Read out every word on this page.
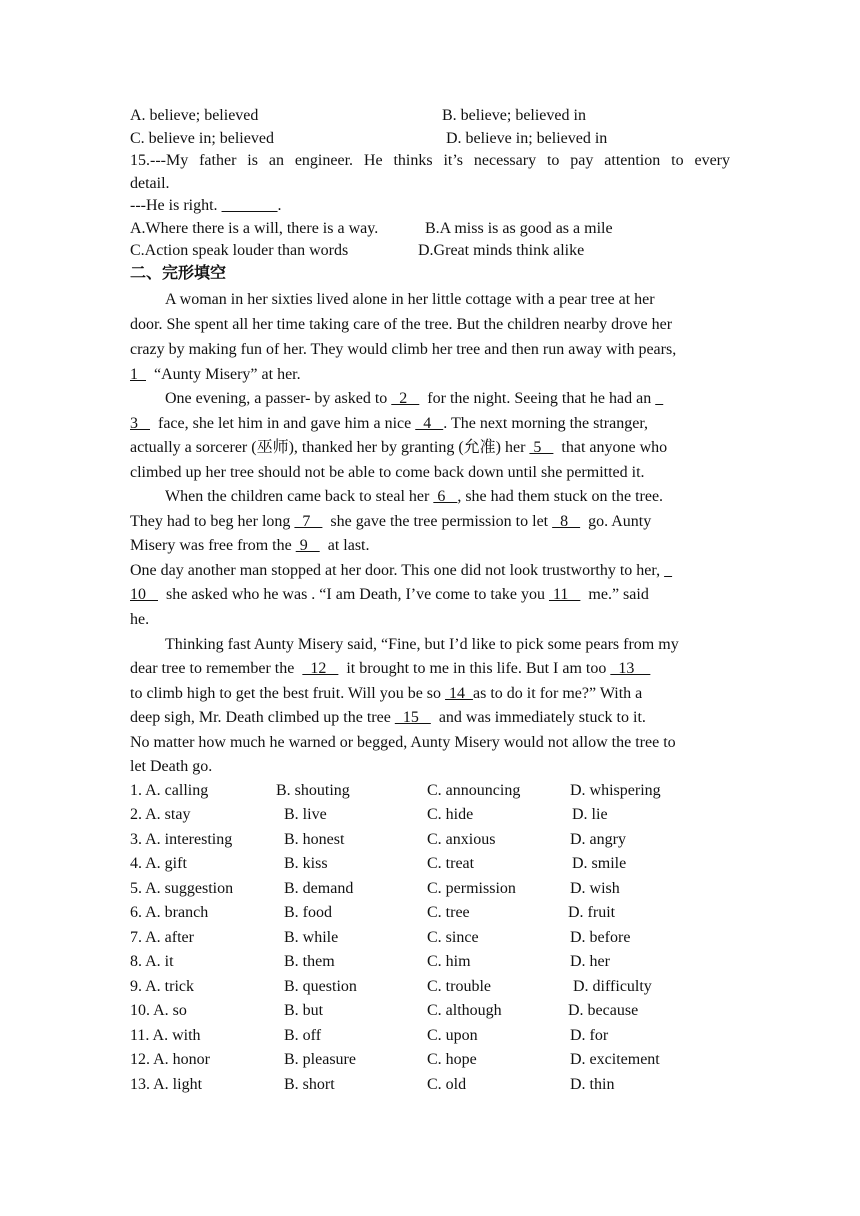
A. believe; believed	B. believe; believed in
C. believe in; believed	D. believe in; believed in
15.---My father is an engineer. He thinks it’s necessary to pay attention to every
detail.
---He is right.	.
A.Where there is a will, there is a way.	B.A miss is as good as a mile
C.Action speak louder than words	D.Great minds think alike
二、完形填空
A woman in her sixties lived alone in her little cottage with a pear tree at her
door. She spent all her time taking care of the tree. But the children nearby drove her
crazy by making fun of her. They would climb her tree and then run away with pears,
1    “Aunty Misery” at her.
One evening, a passer- by asked to   2     for the night. Seeing that he had an
3     face, she let him in and gave him a nice   4   . The next morning the stranger,
actually a sorcerer (巫师), thanked her by granting (允准) her  5     that anyone who
climbed up her tree should not be able to come back down until she permitted it.
When the children came back to steal her  6   , she had them stuck on the tree.
They had to beg her long   7     she gave the tree permission to let   8     go. Aunty
Misery was free from the  9     at last.
One day another man stopped at her door. This one did not look trustworthy to her,
10     she asked who he was . “I am Death, I’ve come to take you  11     me.” said
he.
Thinking fast Aunty Misery said, “Fine, but I’d like to pick some pears from my
dear tree to remember the    12     it brought to me in this life. But I am too   13
to climb high to get the best fruit. Will you be so  14  as to do it for me?” With a
deep sigh, Mr. Death climbed up the tree   15     and was immediately stuck to it.
No matter how much he warned or begged, Aunty Misery would not allow the tree to
let Death go.
1. A. calling	B. shouting	C. announcing	D. whispering
2. A. stay	B. live	C. hide	D. lie
3. A. interesting	B. honest	C. anxious	D. angry
4. A. gift	B. kiss	C. treat	D. smile
5. A. suggestion	B. demand	C. permission	D. wish
6. A. branch	B. food	C. tree	D. fruit
7. A. after	B. while	C. since	D. before
8. A. it	B. them	C. him	D. her
9. A. trick	B. question	C. trouble	D. difficulty
10. A. so	B. but	C. although	D. because
11. A. with	B. off	C. upon	D. for
12. A. honor	B. pleasure	C. hope	D. excitement
13. A. light	B. short	C. old	D. thin
